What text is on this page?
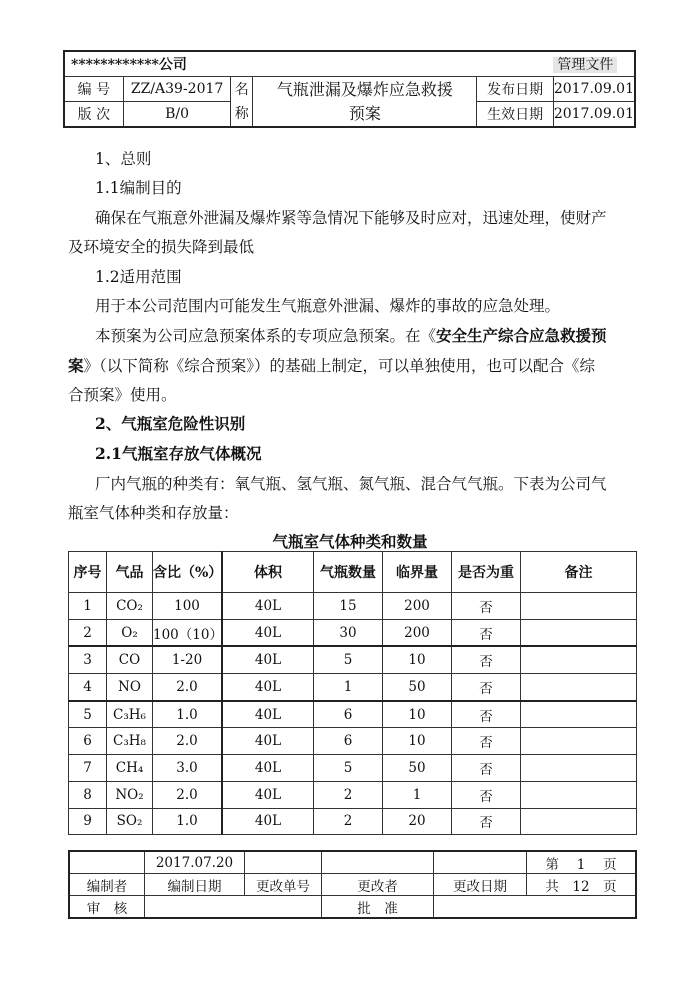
************公司					管理文件
编 号	ZZ/A39-2017	名称	气瓶泄漏及爆炸应急救援预案	发布日期	2017.09.01
版 次	B/0			生效日期	2017.09.01
1、总则
1.1编制目的
确保在气瓶意外泄漏及爆炸紧等急情况下能够及时应对，迅速处理，使财产
及环境安全的损失降到最低
1.2适用范围
用于本公司范围内可能发生气瓶意外泄漏、爆炸的事故的应急处理。
本预案为公司应急预案体系的专项应急预案。在《安全生产综合应急救援预
案》（以下简称《综合预案》）的基础上制定，可以单独使用，也可以配合《综
合预案》使用。
2、气瓶室危险性识别
2.1气瓶室存放气体概况
厂内气瓶的种类有：氧气瓶、氢气瓶、氮气瓶、混合气气瓶。下表为公司气
瓶室气体种类和存放量：
气瓶室气体种类和数量
序号	气品	含比（%）	体积	气瓶数量	临界量	是否为重	备注
1	CO₂	100	40L	15	200	否	
2	O₂	100（10）	40L	30	200	否	
3	CO	1-20	40L	5	10	否	
4	NO	2.0	40L	1	50	否	
5	C₃H₆	1.0	40L	6	10	否	
6	C₃H₈	2.0	40L	6	10	否	
7	CH₄	3.0	40L	5	50	否	
8	NO₂	2.0	40L	2	1	否	
9	SO₂	1.0	40L	2	20	否	
	2017.07.20				第　 1　 页
编制者	编制日期	更改单号	更改者	更改日期	共　12　页
审　核			批　准		
